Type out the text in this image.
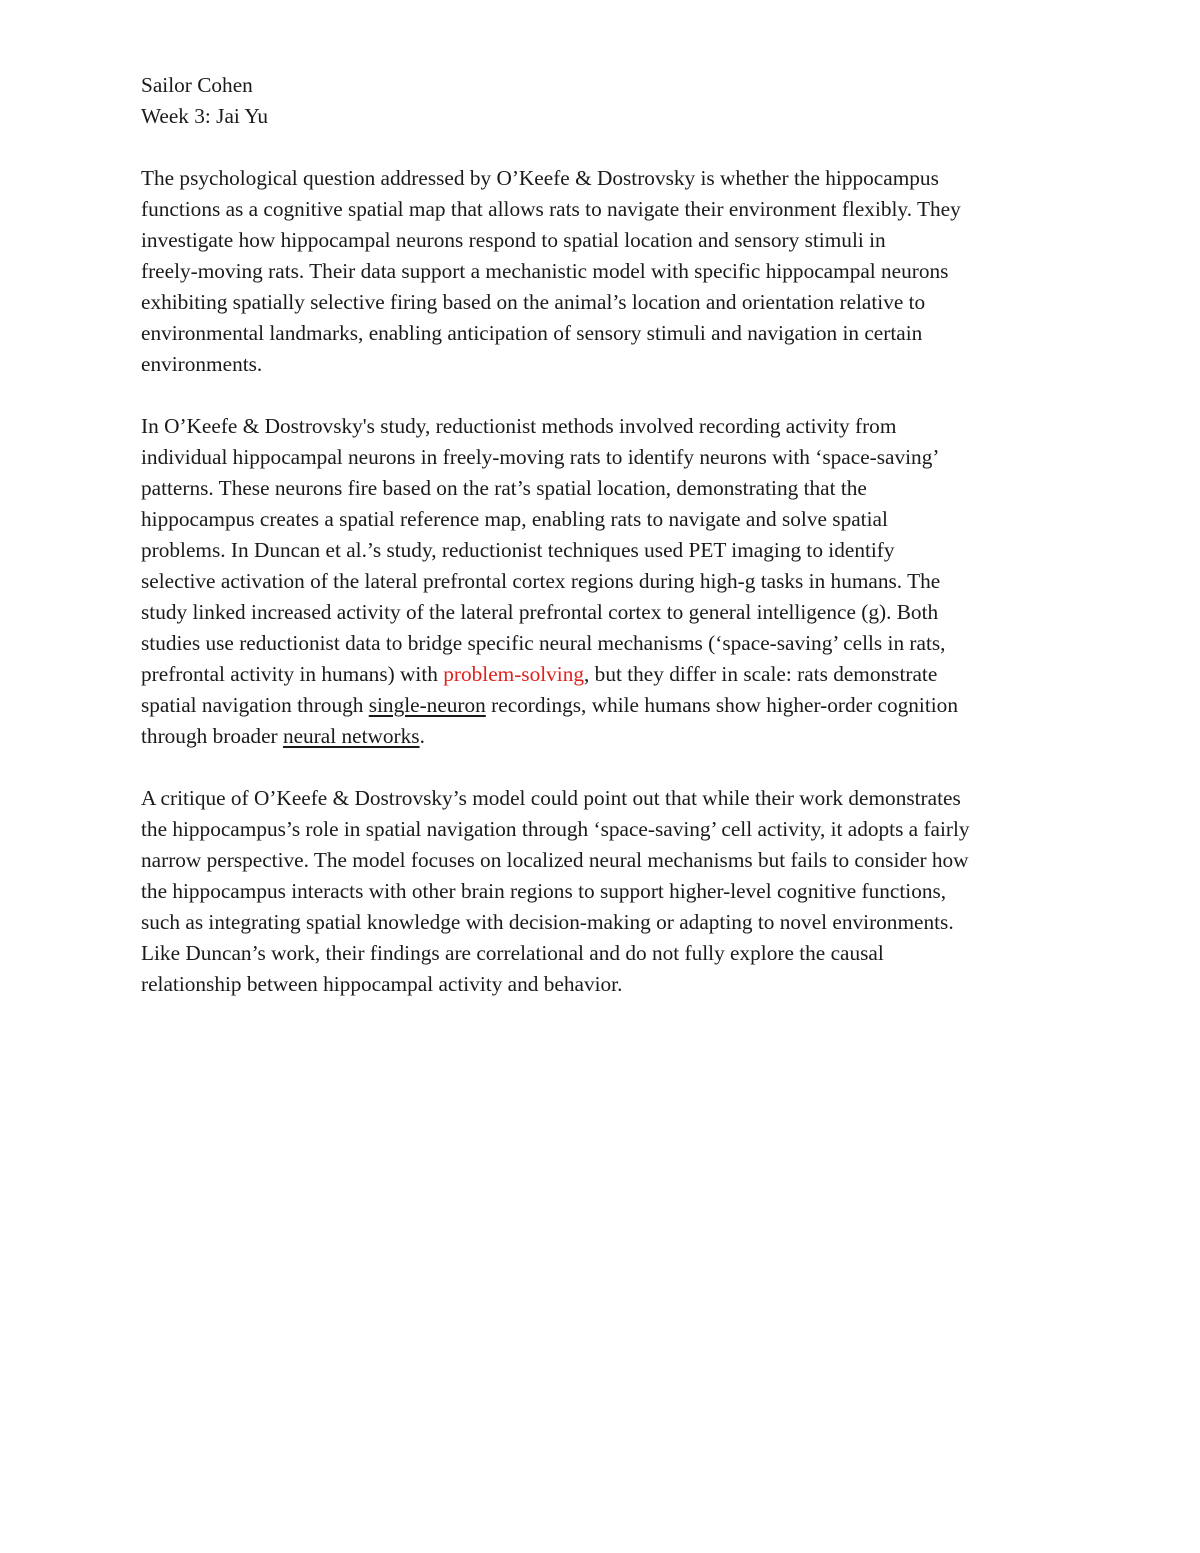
Sailor Cohen
Week 3: Jai Yu
The psychological question addressed by O’Keefe & Dostrovsky is whether the hippocampus
functions as a cognitive spatial map that allows rats to navigate their environment flexibly. They
investigate how hippocampal neurons respond to spatial location and sensory stimuli in
freely-moving rats. Their data support a mechanistic model with specific hippocampal neurons
exhibiting spatially selective firing based on the animal’s location and orientation relative to
environmental landmarks, enabling anticipation of sensory stimuli and navigation in certain
environments.
In O’Keefe & Dostrovsky's study, reductionist methods involved recording activity from
individual hippocampal neurons in freely-moving rats to identify neurons with ‘space-saving’
patterns. These neurons fire based on the rat’s spatial location, demonstrating that the
hippocampus creates a spatial reference map, enabling rats to navigate and solve spatial
problems. In Duncan et al.’s study, reductionist techniques used PET imaging to identify
selective activation of the lateral prefrontal cortex regions during high-g tasks in humans. The
study linked increased activity of the lateral prefrontal cortex to general intelligence (g). Both
studies use reductionist data to bridge specific neural mechanisms (‘space-saving’ cells in rats,
prefrontal activity in humans) with problem-solving, but they differ in scale: rats demonstrate
spatial navigation through single-neuron recordings, while humans show higher-order cognition
through broader neural networks.
A critique of O’Keefe & Dostrovsky’s model could point out that while their work demonstrates
the hippocampus’s role in spatial navigation through ‘space-saving’ cell activity, it adopts a fairly
narrow perspective. The model focuses on localized neural mechanisms but fails to consider how
the hippocampus interacts with other brain regions to support higher-level cognitive functions,
such as integrating spatial knowledge with decision-making or adapting to novel environments.
Like Duncan’s work, their findings are correlational and do not fully explore the causal
relationship between hippocampal activity and behavior.
